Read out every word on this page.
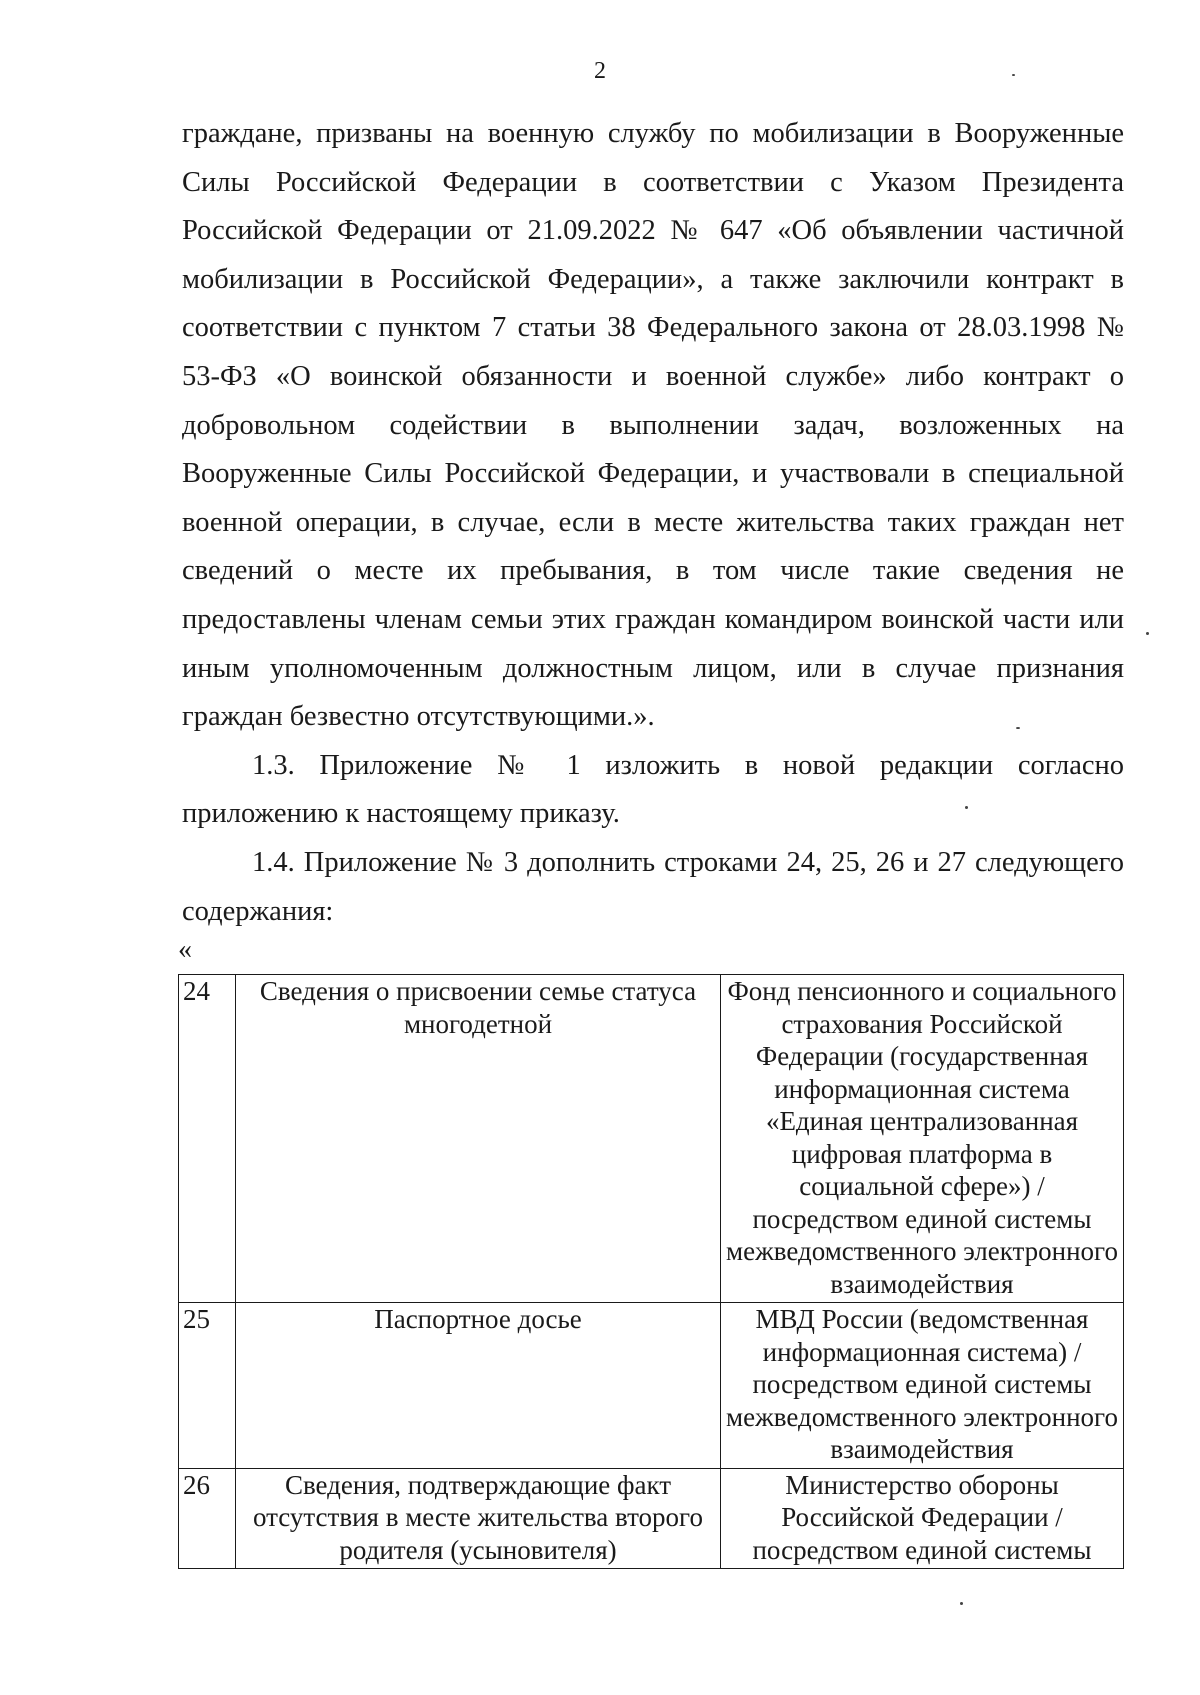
2

граждане, призваны на военную службу по мобилизации в Вооруженные Силы Российской Федерации в соответствии с Указом Президента Российской Федерации от 21.09.2022 № 647 «Об объявлении частичной мобилизации в Российской Федерации», а также заключили контракт в соответствии с пунктом 7 статьи 38 Федерального закона от 28.03.1998 № 53-ФЗ «О воинской обязанности и военной службе» либо контракт о добровольном содействии в выполнении задач, возложенных на Вооруженные Силы Российской Федерации, и участвовали в специальной военной операции, в случае, если в месте жительства таких граждан нет сведений о месте их пребывания, в том числе такие сведения не предоставлены членам семьи этих граждан командиром воинской части или иным уполномоченным должностным лицом, или в случае признания граждан безвестно отсутствующими.».

1.3. Приложение № 1 изложить в новой редакции согласно приложению к настоящему приказу.

1.4. Приложение № 3 дополнить строками 24, 25, 26 и 27 следующего содержания:

«
24	Сведения о присвоении семье статуса многодетной	Фонд пенсионного и социального страхования Российской Федерации (государственная информационная система «Единая централизованная цифровая платформа в социальной сфере») / посредством единой системы межведомственного электронного взаимодействия
25	Паспортное досье	МВД России (ведомственная информационная система) / посредством единой системы межведомственного электронного взаимодействия
26	Сведения, подтверждающие факт отсутствия в месте жительства второго родителя (усыновителя)	Министерство обороны Российской Федерации / посредством единой системы
